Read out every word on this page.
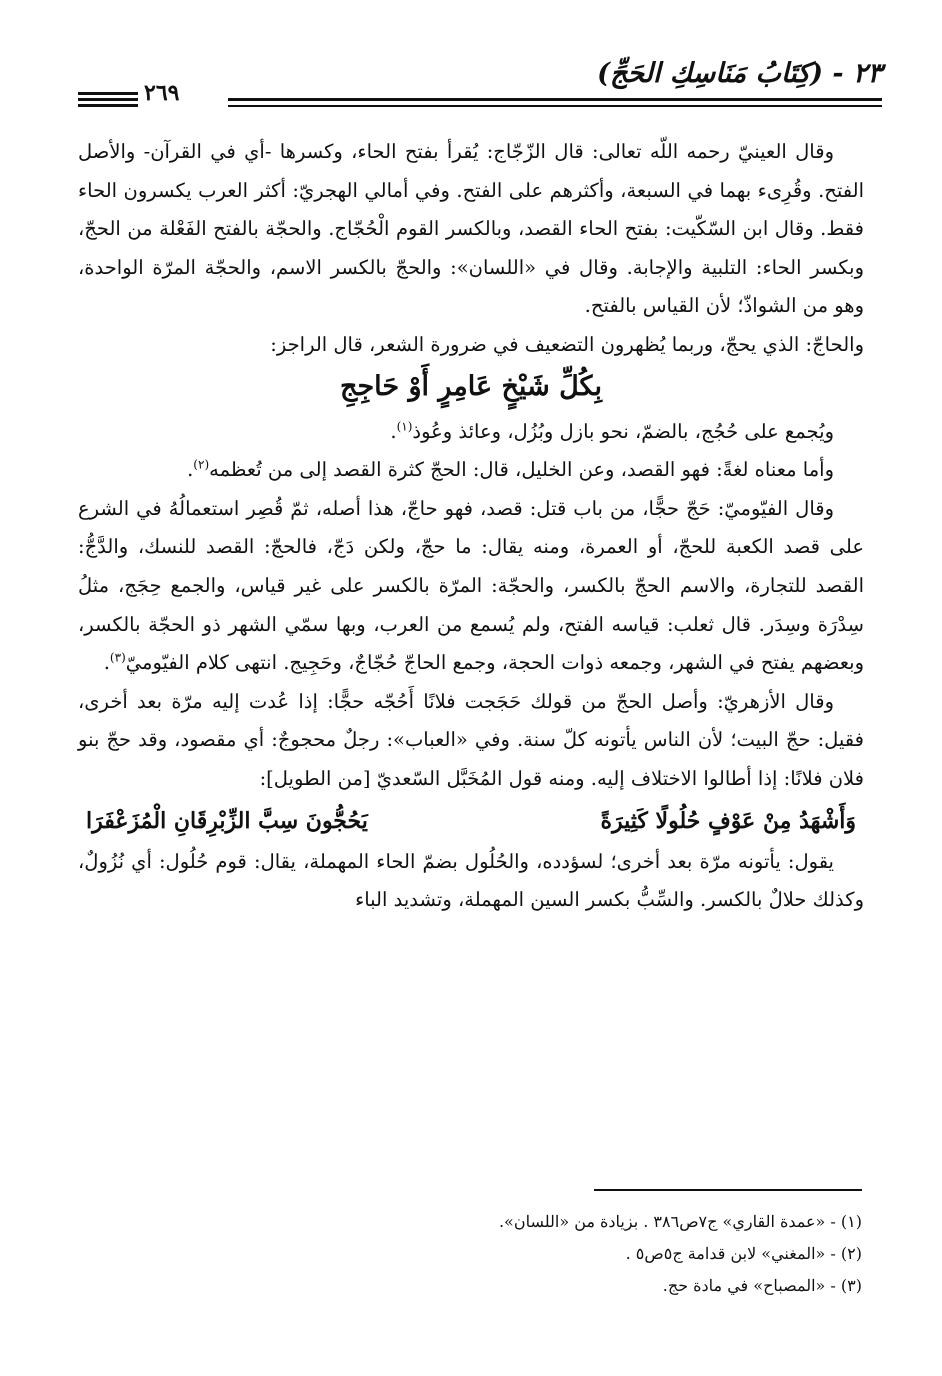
٢٣ - (كِتَابُ مَنَاسِكِ الحَجِّ)
٢٦٩

وقال العينيّ رحمه اللّه تعالى: قال الزّجّاج: يُقرأ بفتح الحاء، وكسرها -أي في القرآن- والأصل الفتح. وقُرِىء بهما في السبعة، وأكثرهم على الفتح. وفي أمالي الهجريّ: أكثر العرب يكسرون الحاء فقط. وقال ابن السّكّيت: بفتح الحاء القصد، وبالكسر القوم الْحُجّاج. والحجّة بالفتح الفَعْلة من الحجّ، وبكسر الحاء: التلبية والإجابة. وقال في «اللسان»: والحجّ بالكسر الاسم، والحجّة المرّة الواحدة، وهو من الشواذّ؛ لأن القياس بالفتح.

والحاجّ: الذي يحجّ، وربما يُظهرون التضعيف في ضرورة الشعر، قال الراجز:

بِكُلِّ شَيْخٍ عَامِرٍ أَوْ حَاجِجِ

ويُجمع على حُجُج، بالضمّ، نحو بازل وبُزُل، وعائذ وعُوذ$^{(١)}$.

وأما معناه لغةً: فهو القصد، وعن الخليل، قال: الحجّ كثرة القصد إلى من تُعظمه$^{(٢)}$.

وقال الفيّوميّ: حَجّ حجًّا، من باب قتل: قصد، فهو حاجّ، هذا أصله، ثمّ قُصِر استعمالُهُ في الشرع على قصد الكعبة للحجّ، أو العمرة، ومنه يقال: ما حجّ، ولكن دَجّ، فالحجّ: القصد للنسك، والدَّجُّ: القصد للتجارة، والاسم الحجّ بالكسر، والحجّة: المرّة بالكسر على غير قياس، والجمع حِجَج، مثلُ سِدْرَة وسِدَر. قال ثعلب: قياسه الفتح، ولم يُسمع من العرب، وبها سمّي الشهر ذو الحجّة بالكسر، وبعضهم يفتح في الشهر، وجمعه ذوات الحجة، وجمع الحاجّ حُجّاجٌ، وحَجِيج. انتهى كلام الفيّوميّ$^{(٣)}$.

وقال الأزهريّ: وأصل الحجّ من قولك حَجَجت فلانًا أَحُجّه حجًّا: إذا عُدت إليه مرّة بعد أخرى، فقيل: حجّ البيت؛ لأن الناس يأتونه كلّ سنة. وفي «العباب»: رجلٌ محجوجٌ: أي مقصود، وقد حجّ بنو فلان فلانًا: إذا أطالوا الاختلاف إليه. ومنه قول المُخَبَّل السّعديّ [من الطويل]:

وَأَشْهَدُ مِنْ عَوْفٍ حُلُولًا كَثِيرَةً
يَحُجُّونَ سِبَّ الزِّبْرِقَانِ الْمُزَعْفَرَا

يقول: يأتونه مرّة بعد أخرى؛ لسؤدده، والحُلُول بضمّ الحاء المهملة، يقال: قوم حُلُول: أي نُزُولٌ، وكذلك حلالٌ بالكسر. والسِّبُّ بكسر السين المهملة، وتشديد الباء

(١) - «عمدة القاري» ج٧ص٣٨٦ . بزيادة من «اللسان».
(٢) - «المغني» لابن قدامة ج٥ص٥ .
(٣) - «المصباح» في مادة حج.
